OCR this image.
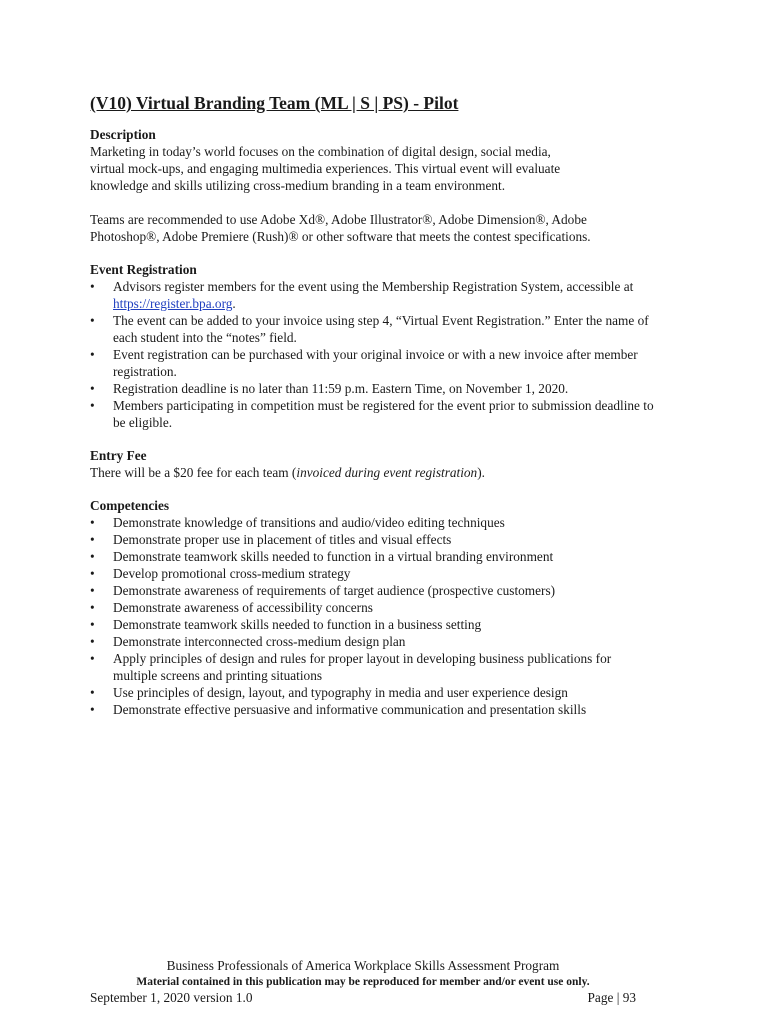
(V10) Virtual Branding Team (ML | S | PS) - Pilot
Description

Marketing in today’s world focuses on the combination of digital design, social media,

virtual mock-ups, and engaging multimedia experiences. This virtual event will evaluate

knowledge and skills utilizing cross-medium branding in a team environment.

Teams are recommended to use Adobe Xd®, Adobe Illustrator®, Adobe Dimension®, Adobe

Photoshop®, Adobe Premiere (Rush)® or other software that meets the contest specifications.

Event Registration
• Advisors register members for the event using the Membership Registration System, accessible at
https://register.bpa.org.
• The event can be added to your invoice using step 4, “Virtual Event Registration.” Enter the name of
each student into the “notes” field.
• Event registration can be purchased with your original invoice or with a new invoice after member
registration.
• Registration deadline is no later than 11:59 p.m. Eastern Time, on November 1, 2020.
• Members participating in competition must be registered for the event prior to submission deadline to
be eligible.
Entry Fee

There will be a $20 fee for each team (invoiced during event registration).

Competencies
• Demonstrate knowledge of transitions and audio/video editing techniques
• Demonstrate proper use in placement of titles and visual effects
• Demonstrate teamwork skills needed to function in a virtual branding environment
• Develop promotional cross-medium strategy
• Demonstrate awareness of requirements of target audience (prospective customers)
• Demonstrate awareness of accessibility concerns
• Demonstrate teamwork skills needed to function in a business setting
• Demonstrate interconnected cross-medium design plan
• Apply principles of design and rules for proper layout in developing business publications for
multiple screens and printing situations
• Use principles of design, layout, and typography in media and user experience design
• Demonstrate effective persuasive and informative communication and presentation skills
Business Professionals of America Workplace Skills Assessment Program
Material contained in this publication may be reproduced for member and/or event use only.
September 1, 2020 version 1.0	Page | 93
